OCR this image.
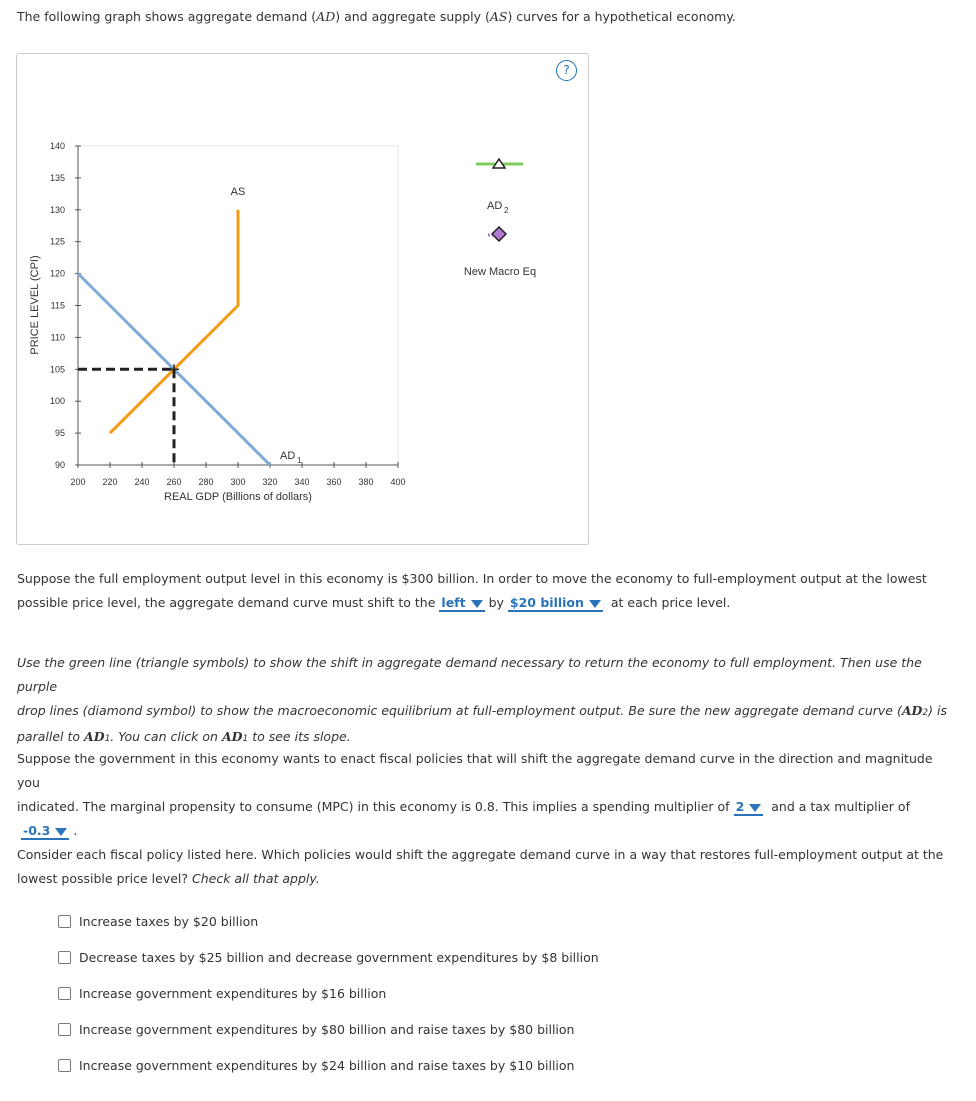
The following graph shows aggregate demand (AD) and aggregate supply (AS) curves for a hypothetical economy.
?
90
95
100
105
110
115
120
125
130
135
140
200 220 240 260 280 300 320 340 360 380 400
PRICE LEVEL (CPI)
REAL GDP (Billions of dollars)
AS
AD 1
AD 2
New Macro Eq
Suppose the full employment output level in this economy is $300 billion. In order to move the economy to full-employment output at the lowest
possible price level, the aggregate demand curve must shift to the left by $20 billion at each price level.
Use the green line (triangle symbols) to show the shift in aggregate demand necessary to return the economy to full employment. Then use the purple
drop lines (diamond symbol) to show the macroeconomic equilibrium at full-employment output. Be sure the new aggregate demand curve (AD2) is
parallel to AD1. You can click on AD1 to see its slope.
Suppose the government in this economy wants to enact fiscal policies that will shift the aggregate demand curve in the direction and magnitude you
indicated. The marginal propensity to consume (MPC) in this economy is 0.8. This implies a spending multiplier of 2 and a tax multiplier of
-0.3 .
Consider each fiscal policy listed here. Which policies would shift the aggregate demand curve in a way that restores full-employment output at the
lowest possible price level? Check all that apply.
Increase taxes by $20 billion
Decrease taxes by $25 billion and decrease government expenditures by $8 billion
Increase government expenditures by $16 billion
Increase government expenditures by $80 billion and raise taxes by $80 billion
Increase government expenditures by $24 billion and raise taxes by $10 billion
